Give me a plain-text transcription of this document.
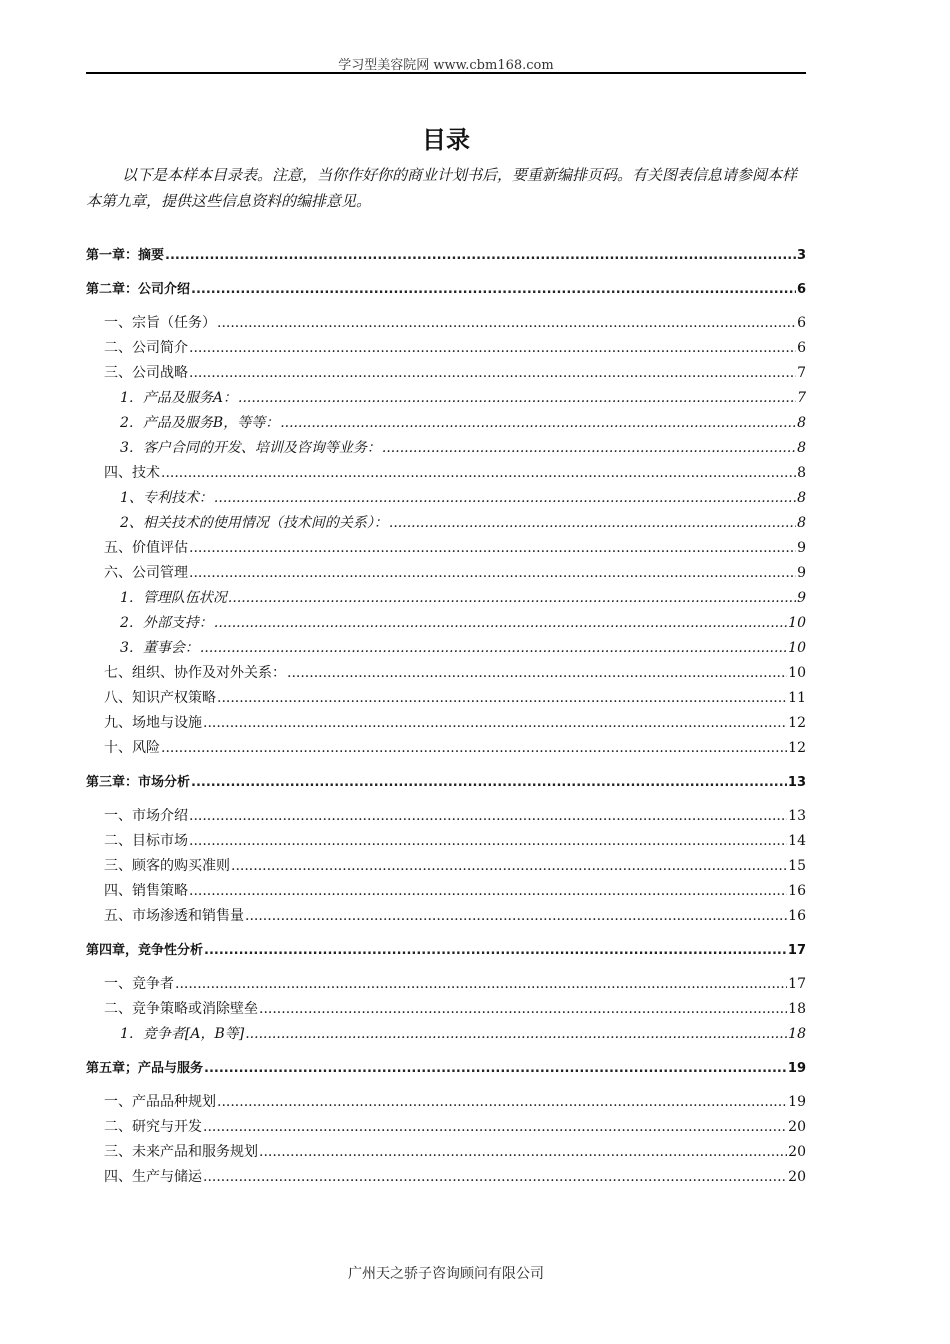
学习型美容院网 www.cbm168.com
目录
以下是本样本目录表。注意，当你作好你的商业计划书后，要重新编排页码。有关图表信息请参阅本样本第九章，提供这些信息资料的编排意见。
第一章：摘要 .....	3
第二章：公司介绍 .....	6
一、宗旨（任务） .....	6
二、公司简介 .....	6
三、公司战略 .....	7
1．产品及服务A： .....	7
2．产品及服务B，等等： .....	8
3．客户合同的开发、培训及咨询等业务： .....	8
四、技术 .....	8
1、专利技术： .....	8
2、相关技术的使用情况（技术间的关系）： .....	8
五、价值评估 .....	9
六、公司管理 .....	9
1．管理队伍状况 .....	9
2．外部支持： .....	10
3．董事会： .....	10
七、组织、协作及对外关系： .....	10
八、知识产权策略 .....	11
九、场地与设施 .....	12
十、风险 .....	12
第三章：市场分析 .....	13
一、市场介绍 .....	13
二、目标市场 .....	14
三、顾客的购买准则 .....	15
四、销售策略 .....	16
五、市场渗透和销售量 .....	16
第四章，竞争性分析 .....	17
一、竞争者 .....	17
二、竞争策略或消除壁垒 .....	18
1．竞争者[A，B等] .....	18
第五章；产品与服务 .....	19
一、产品品种规划 .....	19
二、研究与开发 .....	20
三、未来产品和服务规划 .....	20
四、生产与储运 .....	20
广州天之骄子咨询顾问有限公司
